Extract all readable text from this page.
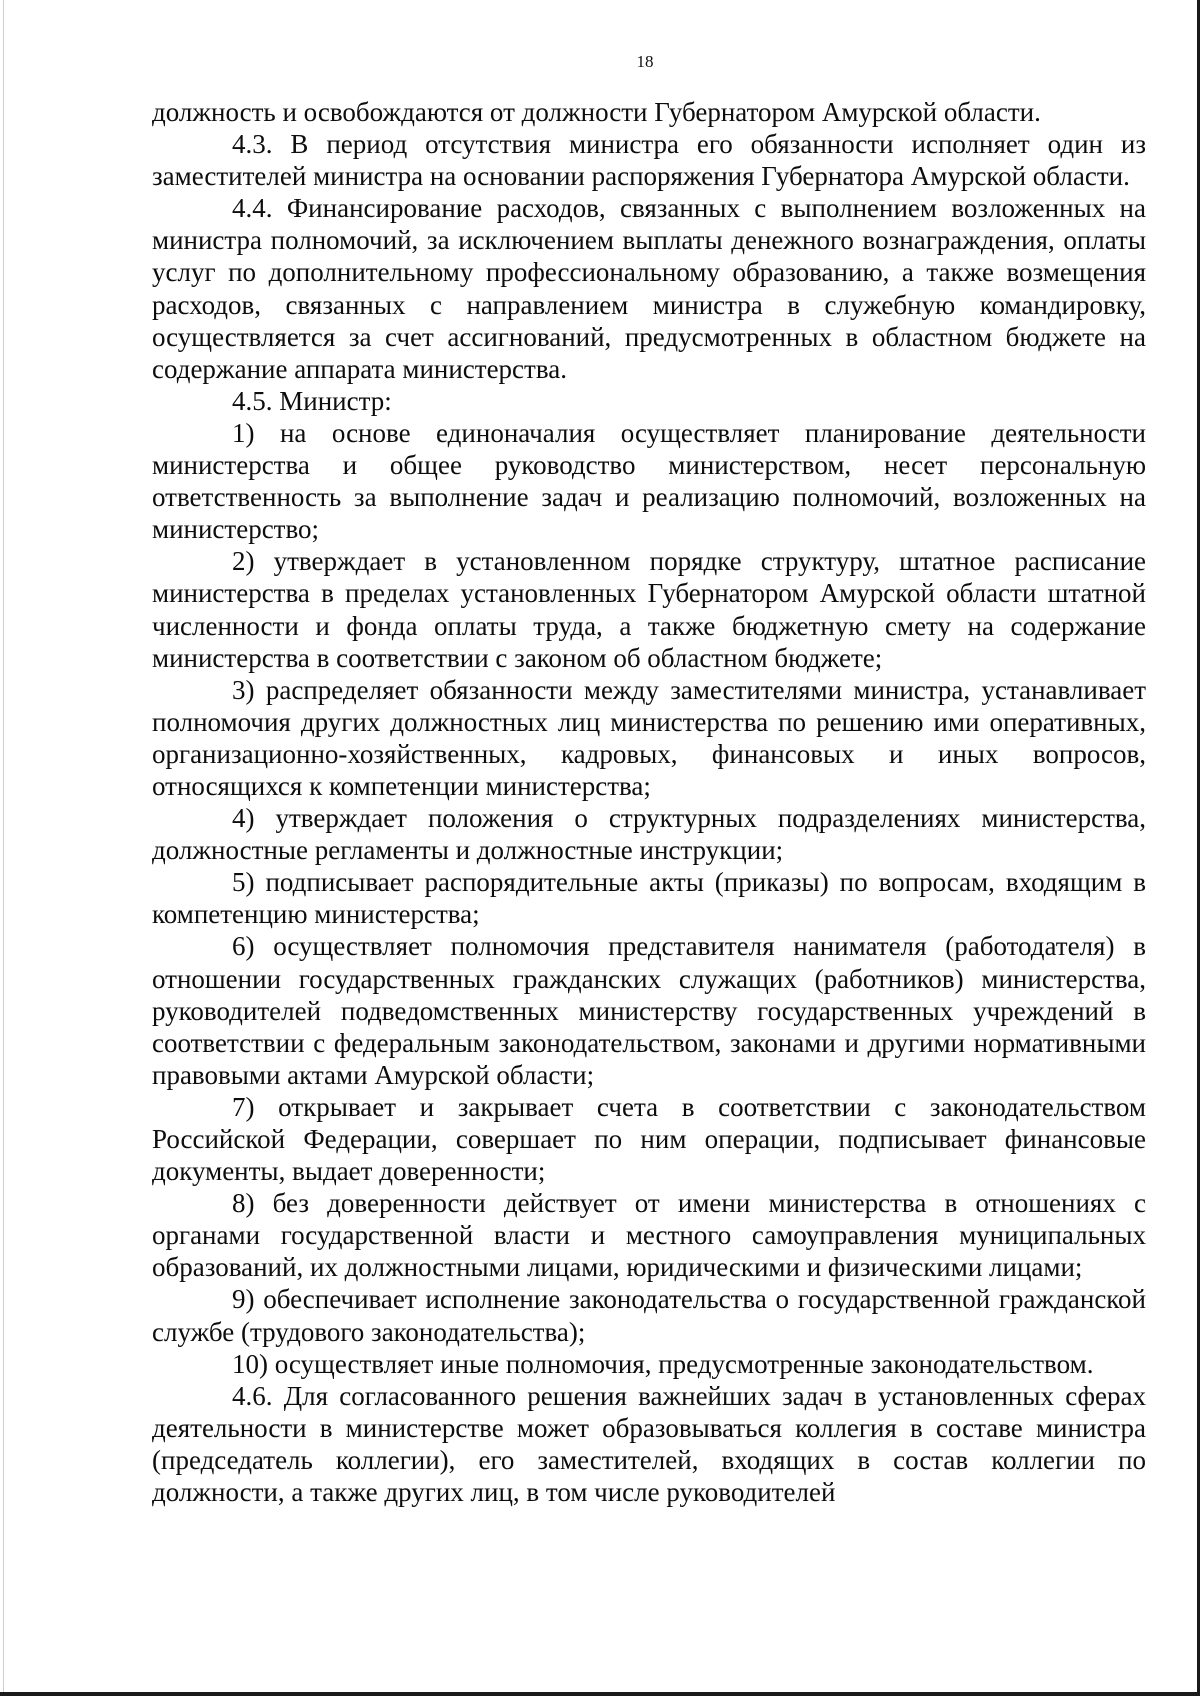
18

должность и освобождаются от должности Губернатором Амурской области.

4.3. В период отсутствия министра его обязанности исполняет один из заместителей министра на основании распоряжения Губернатора Амурской области.

4.4. Финансирование расходов, связанных с выполнением возложенных на министра полномочий, за исключением выплаты денежного вознаграждения, оплаты услуг по дополнительному профессиональному образованию, а также возмещения расходов, связанных с направлением министра в служебную командировку, осуществляется за счет ассигнований, предусмотренных в областном бюджете на содержание аппарата министерства.

4.5. Министр:

1) на основе единоначалия осуществляет планирование деятельности министерства и общее руководство министерством, несет персональную ответственность за выполнение задач и реализацию полномочий, возложенных на министерство;

2) утверждает в установленном порядке структуру, штатное расписание министерства в пределах установленных Губернатором Амурской области штатной численности и фонда оплаты труда, а также бюджетную смету на содержание министерства в соответствии с законом об областном бюджете;

3) распределяет обязанности между заместителями министра, устанавливает полномочия других должностных лиц министерства по решению ими оперативных, организационно-хозяйственных, кадровых, финансовых и иных вопросов, относящихся к компетенции министерства;

4) утверждает положения о структурных подразделениях министерства, должностные регламенты и должностные инструкции;

5) подписывает распорядительные акты (приказы) по вопросам, входящим в компетенцию министерства;

6) осуществляет полномочия представителя нанимателя (работодателя) в отношении государственных гражданских служащих (работников) министерства, руководителей подведомственных министерству государственных учреждений в соответствии с федеральным законодательством, законами и другими нормативными правовыми актами Амурской области;

7) открывает и закрывает счета в соответствии с законодательством Российской Федерации, совершает по ним операции, подписывает финансовые документы, выдает доверенности;

8) без доверенности действует от имени министерства в отношениях с органами государственной власти и местного самоуправления муниципальных образований, их должностными лицами, юридическими и физическими лицами;

9) обеспечивает исполнение законодательства о государственной гражданской службе (трудового законодательства);

10) осуществляет иные полномочия, предусмотренные законодательством.

4.6. Для согласованного решения важнейших задач в установленных сферах деятельности в министерстве может образовываться коллегия в составе министра (председатель коллегии), его заместителей, входящих в состав коллегии по должности, а также других лиц, в том числе руководителей
